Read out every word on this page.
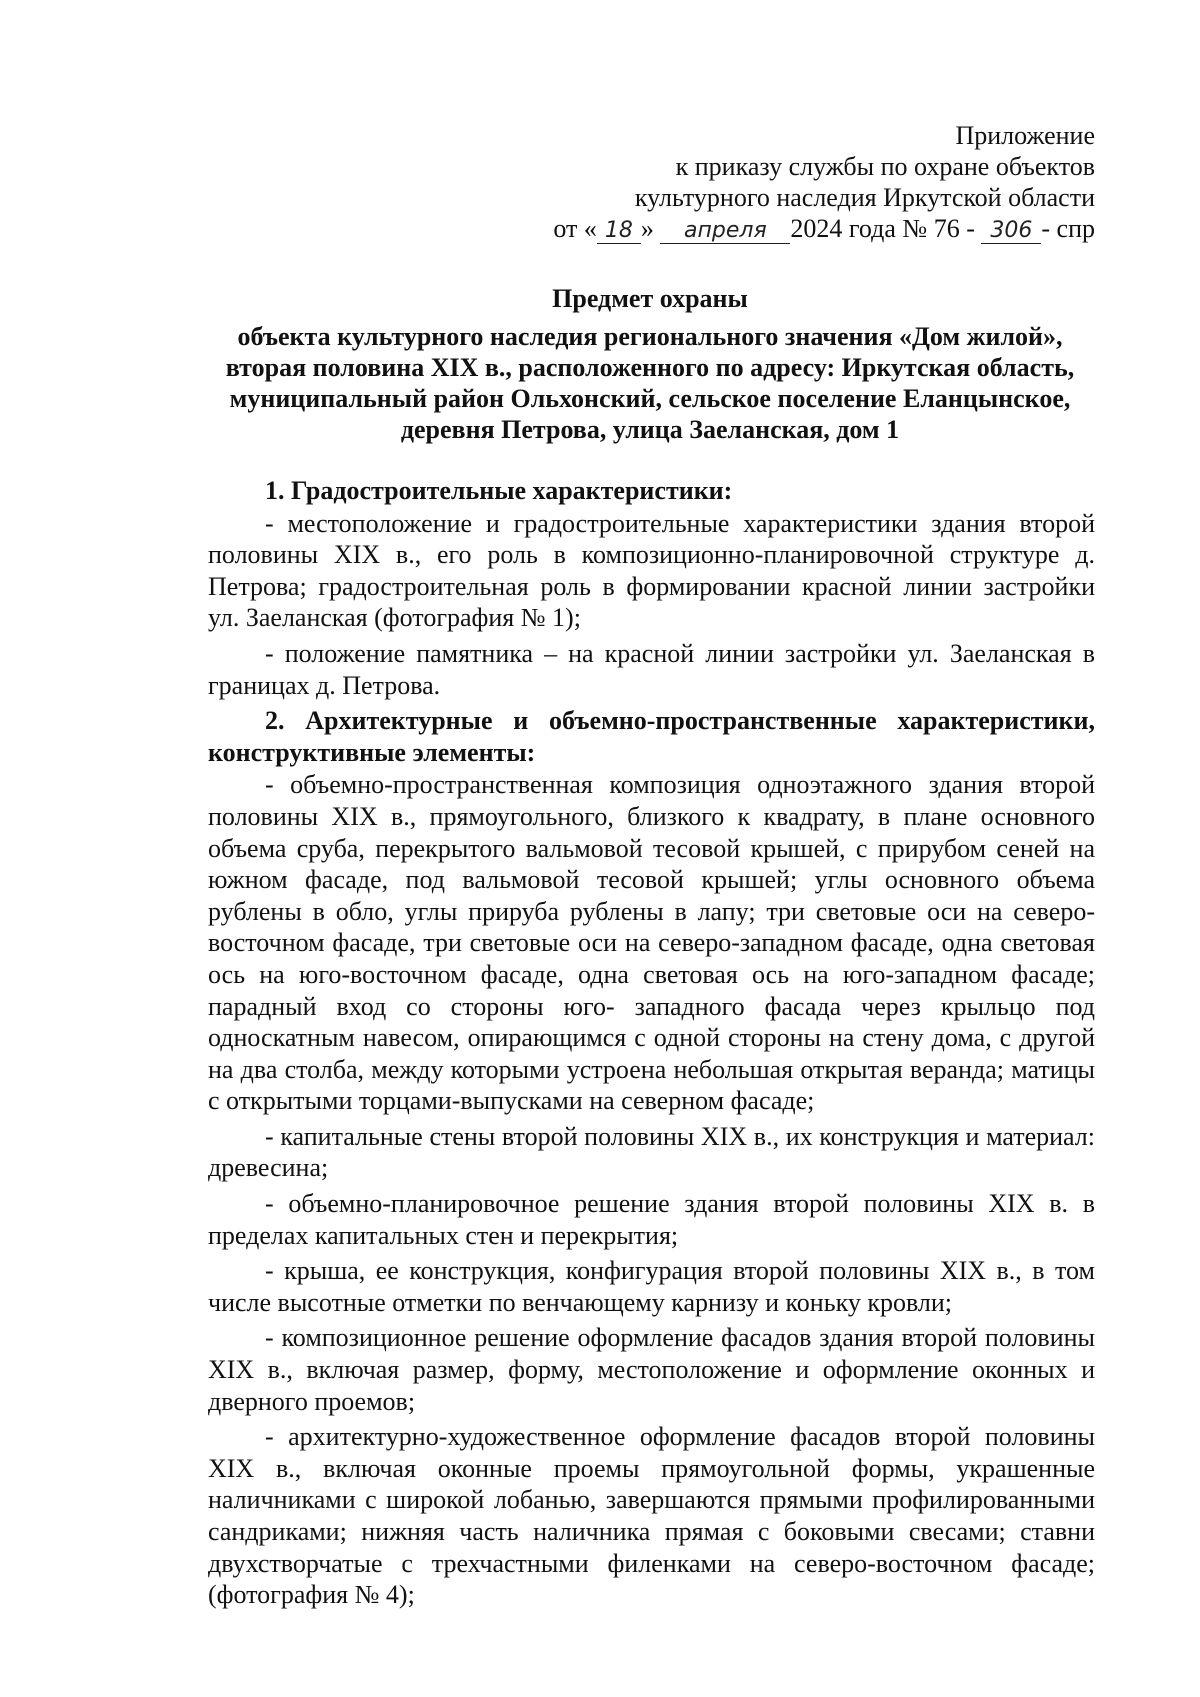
Приложение
к приказу службы по охране объектов
культурного наследия Иркутской области
от « 18 » апреля 2024 года № 76 - 306 - спр
Предмет охраны
объекта культурного наследия регионального значения «Дом жилой», вторая половина XIX в., расположенного по адресу: Иркутская область, муниципальный район Ольхонский, сельское поселение Еланцынское, деревня Петрова, улица Заеланская, дом 1

1. Градостроительные характеристики:

- местоположение и градостроительные характеристики здания второй половины XIX в., его роль в композиционно-планировочной структуре д. Петрова; градостроительная роль в формировании красной линии застройки ул. Заеланская (фотография № 1);

- положение памятника – на красной линии застройки ул. Заеланская в границах д. Петрова.

2. Архитектурные и объемно-пространственные характеристики, конструктивные элементы:

- объемно-пространственная композиция одноэтажного здания второй половины XIX в., прямоугольного, близкого к квадрату, в плане основного объема сруба, перекрытого вальмовой тесовой крышей, с прирубом сеней на южном фасаде, под вальмовой тесовой крышей; углы основного объема рублены в обло, углы прируба рублены в лапу; три световые оси на северо-восточном фасаде, три световые оси на северо-западном фасаде, одна световая ось на юго-восточном фасаде, одна световая ось на юго-западном фасаде; парадный вход со стороны юго- западного фасада через крыльцо под односкатным навесом, опирающимся с одной стороны на стену дома, с другой на два столба, между которыми устроена небольшая открытая веранда; матицы с открытыми торцами-выпусками на северном фасаде;

- капитальные стены второй половины XIX в., их конструкция и материал: древесина;

- объемно-планировочное решение здания второй половины XIX в. в пределах капитальных стен и перекрытия;

- крыша, ее конструкция, конфигурация второй половины XIX в., в том числе высотные отметки по венчающему карнизу и коньку кровли;

- композиционное решение оформление фасадов здания второй половины XIX в., включая размер, форму, местоположение и оформление оконных и дверного проемов;

- архитектурно-художественное оформление фасадов второй половины XIX в., включая оконные проемы прямоугольной формы, украшенные наличниками с широкой лобанью, завершаются прямыми профилированными сандриками; нижняя часть наличника прямая с боковыми свесами; ставни двухстворчатые с трехчастными филенками на северо-восточном фасаде; (фотография № 4);
